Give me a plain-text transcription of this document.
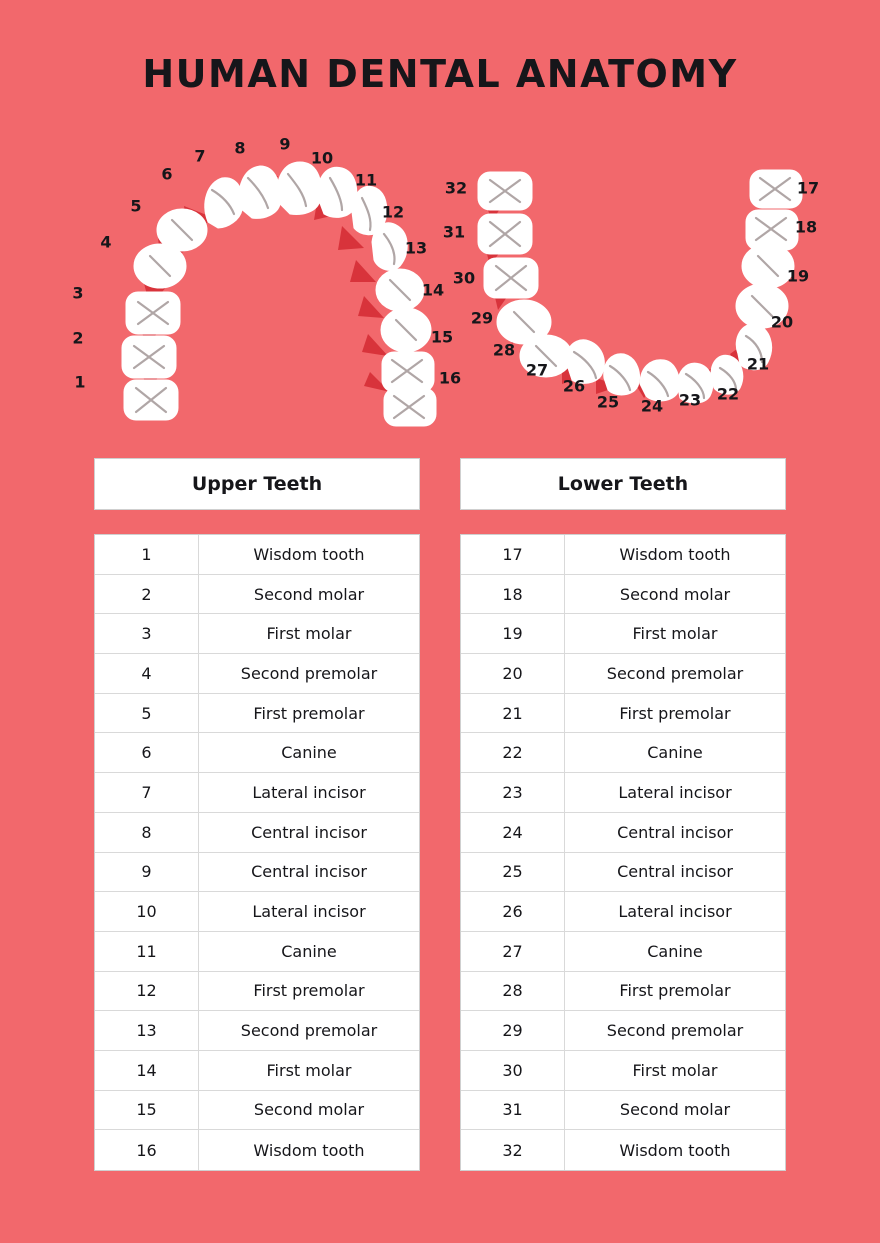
HUMAN DENTAL ANATOMY
1
2
3
4
5
6
7 8 9
10
11
12
13
14
15
16
32
31
30
29
28
27
26
25 24 23 22
21
20
19
18
17
Upper Teeth
1	Wisdom tooth
2	Second molar
3	First molar
4	Second premolar
5	First premolar
6	Canine
7	Lateral incisor
8	Central incisor
9	Central incisor
10	Lateral incisor
11	Canine
12	First premolar
13	Second premolar
14	First molar
15	Second molar
16	Wisdom tooth
Lower Teeth
17	Wisdom tooth
18	Second molar
19	First molar
20	Second premolar
21	First premolar
22	Canine
23	Lateral incisor
24	Central incisor
25	Central incisor
26	Lateral incisor
27	Canine
28	First premolar
29	Second premolar
30	First molar
31	Second molar
32	Wisdom tooth
